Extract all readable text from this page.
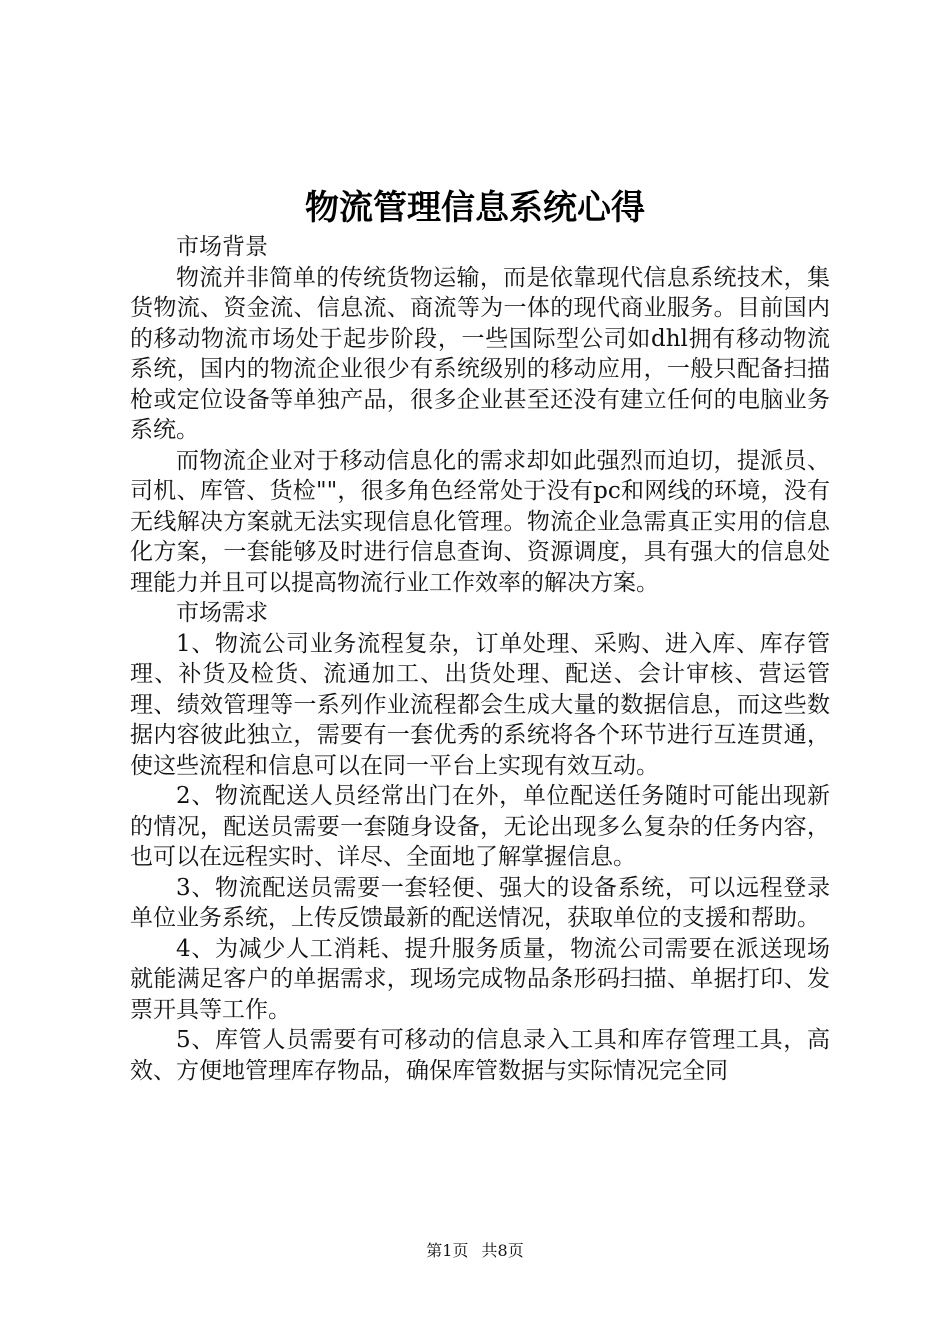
物流管理信息系统心得

市场背景

物流并非简单的传统货物运输，而是依靠现代信息系统技术，集货物流、资金流、信息流、商流等为一体的现代商业服务。目前国内的移动物流市场处于起步阶段，一些国际型公司如dhl拥有移动物流系统，国内的物流企业很少有系统级别的移动应用，一般只配备扫描枪或定位设备等单独产品，很多企业甚至还没有建立任何的电脑业务系统。

而物流企业对于移动信息化的需求却如此强烈而迫切，提派员、司机、库管、货检""，很多角色经常处于没有pc和网线的环境，没有无线解决方案就无法实现信息化管理。物流企业急需真正实用的信息化方案，一套能够及时进行信息查询、资源调度，具有强大的信息处理能力并且可以提高物流行业工作效率的解决方案。

市场需求

1、物流公司业务流程复杂，订单处理、采购、进入库、库存管理、补货及检货、流通加工、出货处理、配送、会计审核、营运管理、绩效管理等一系列作业流程都会生成大量的数据信息，而这些数据内容彼此独立，需要有一套优秀的系统将各个环节进行互连贯通，使这些流程和信息可以在同一平台上实现有效互动。

2、物流配送人员经常出门在外，单位配送任务随时可能出现新的情况，配送员需要一套随身设备，无论出现多么复杂的任务内容，也可以在远程实时、详尽、全面地了解掌握信息。

3、物流配送员需要一套轻便、强大的设备系统，可以远程登录单位业务系统，上传反馈最新的配送情况，获取单位的支援和帮助。

4、为减少人工消耗、提升服务质量，物流公司需要在派送现场就能满足客户的单据需求，现场完成物品条形码扫描、单据打印、发票开具等工作。

5、库管人员需要有可移动的信息录入工具和库存管理工具，高效、方便地管理库存物品，确保库管数据与实际情况完全同

第1页 共8页
